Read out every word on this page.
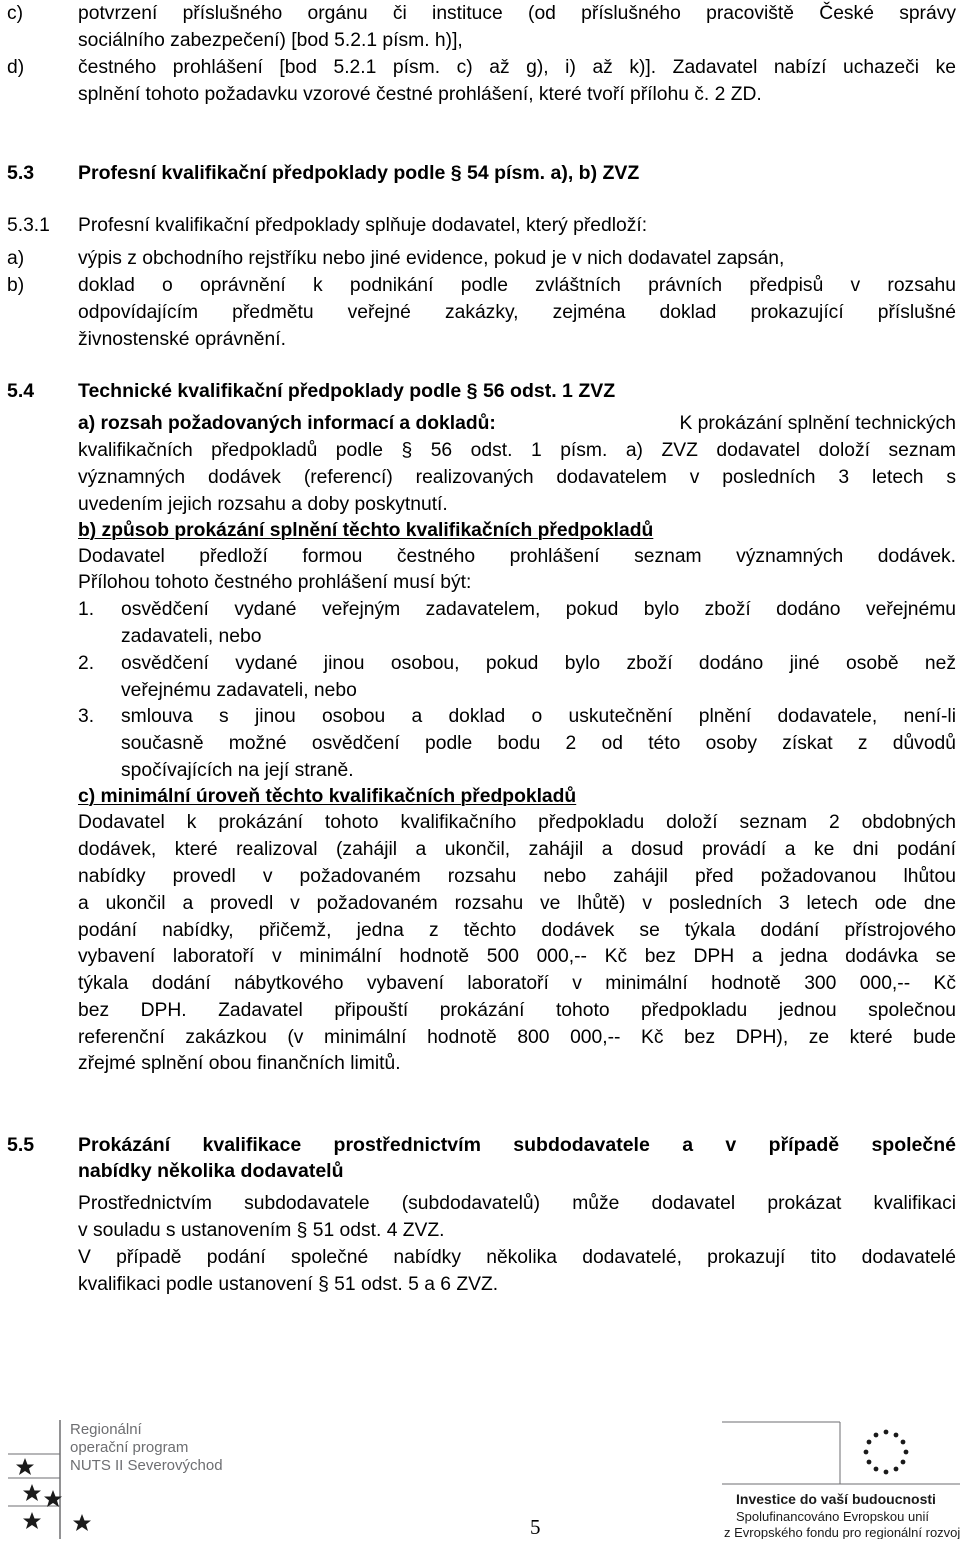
c)	potvrzení příslušného orgánu či instituce (od příslušného pracoviště České správy
sociálního zabezpečení) [bod 5.2.1 písm. h)],
d)	čestného prohlášení [bod 5.2.1 písm. c) až g), i) až k)]. Zadavatel nabízí uchazeči ke
splnění tohoto požadavku vzorové čestné prohlášení, které tvoří přílohu č. 2 ZD.
5.3 Profesní kvalifikační předpoklady podle § 54 písm. a), b) ZVZ
5.3.1 Profesní kvalifikační předpoklady splňuje dodavatel, který předloží:
a)	výpis z obchodního rejstříku nebo jiné evidence, pokud je v nich dodavatel zapsán,
b)	doklad o oprávnění k podnikání podle zvláštních právních předpisů v rozsahu
odpovídajícím předmětu veřejné zakázky, zejména doklad prokazující příslušné
živnostenské oprávnění.
5.4 Technické kvalifikační předpoklady podle § 56 odst. 1 ZVZ
a) rozsah požadovaných informací a dokladů:	K prokázání splnění technických
kvalifikačních předpokladů podle § 56 odst. 1 písm. a) ZVZ dodavatel doloží seznam
významných dodávek (referencí) realizovaných dodavatelem v posledních 3 letech s
uvedením jejich rozsahu a doby poskytnutí.
b) způsob prokázání splnění těchto kvalifikačních předpokladů
Dodavatel předloží formou čestného prohlášení seznam významných dodávek.
Přílohou tohoto čestného prohlášení musí být:
1. osvědčení vydané veřejným zadavatelem, pokud bylo zboží dodáno veřejnému
zadavateli, nebo
2. osvědčení vydané jinou osobou, pokud bylo zboží dodáno jiné osobě než
veřejnému zadavateli, nebo
3. smlouva s jinou osobou a doklad o uskutečnění plnění dodavatele, není-li
současně možné osvědčení podle bodu 2 od této osoby získat z důvodů
spočívajících na její straně.
c) minimální úroveň těchto kvalifikačních předpokladů
Dodavatel k prokázání tohoto kvalifikačního předpokladu doloží seznam 2 obdobných
dodávek, které realizoval (zahájil a ukončil, zahájil a dosud provádí a ke dni podání
nabídky provedl v požadovaném rozsahu nebo zahájil před požadovanou lhůtou
a ukončil a provedl v požadovaném rozsahu ve lhůtě) v posledních 3 letech ode dne
podání nabídky, přičemž, jedna z těchto dodávek se týkala dodání přístrojového
vybavení laboratoří v minimální hodnotě 500 000,-- Kč bez DPH a jedna dodávka se
týkala dodání nábytkového vybavení laboratoří v minimální hodnotě 300 000,-- Kč
bez DPH. Zadavatel připouští prokázání tohoto předpokladu jednou společnou
referenční zakázkou (v minimální hodnotě 800 000,-- Kč bez DPH), ze které bude
zřejmé splnění obou finančních limitů.
5.5 Prokázání kvalifikace prostřednictvím subdodavatele a v případě společné
nabídky několika dodavatelů
Prostřednictvím subdodavatele (subdodavatelů) může dodavatel prokázat kvalifikaci
v souladu s ustanovením § 51 odst. 4 ZVZ.
V případě podání společné nabídky několika dodavatelé, prokazují tito dodavatelé
kvalifikaci podle ustanovení § 51 odst. 5 a 6 ZVZ.
Regionální
operační program
NUTS II Severovýchod
5
Investice do vaší budoucnosti
Spolufinancováno Evropskou unií
z Evropského fondu pro regionální rozvoj
